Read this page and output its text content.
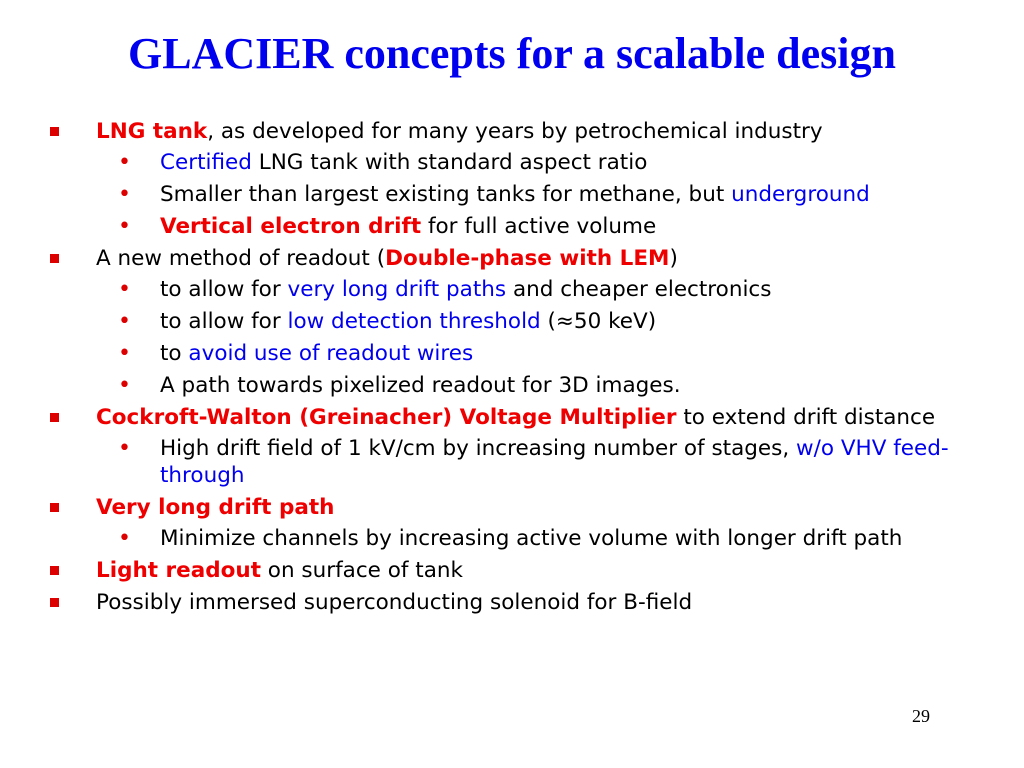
GLACIER concepts for a scalable design
LNG tank, as developed for many years by petrochemical industry
• Certified LNG tank with standard aspect ratio
• Smaller than largest existing tanks for methane, but underground
• Vertical electron drift for full active volume
A new method of readout (Double-phase with LEM)
• to allow for very long drift paths and cheaper electronics
• to allow for low detection threshold (≈50 keV)
• to avoid use of readout wires
• A path towards pixelized readout for 3D images.
Cockroft-Walton (Greinacher) Voltage Multiplier to extend drift distance
• High drift field of 1 kV/cm by increasing number of stages, w/o VHV feed-through
Very long drift path
• Minimize channels by increasing active volume with longer drift path
Light readout on surface of tank
Possibly immersed superconducting solenoid for B-field
29
